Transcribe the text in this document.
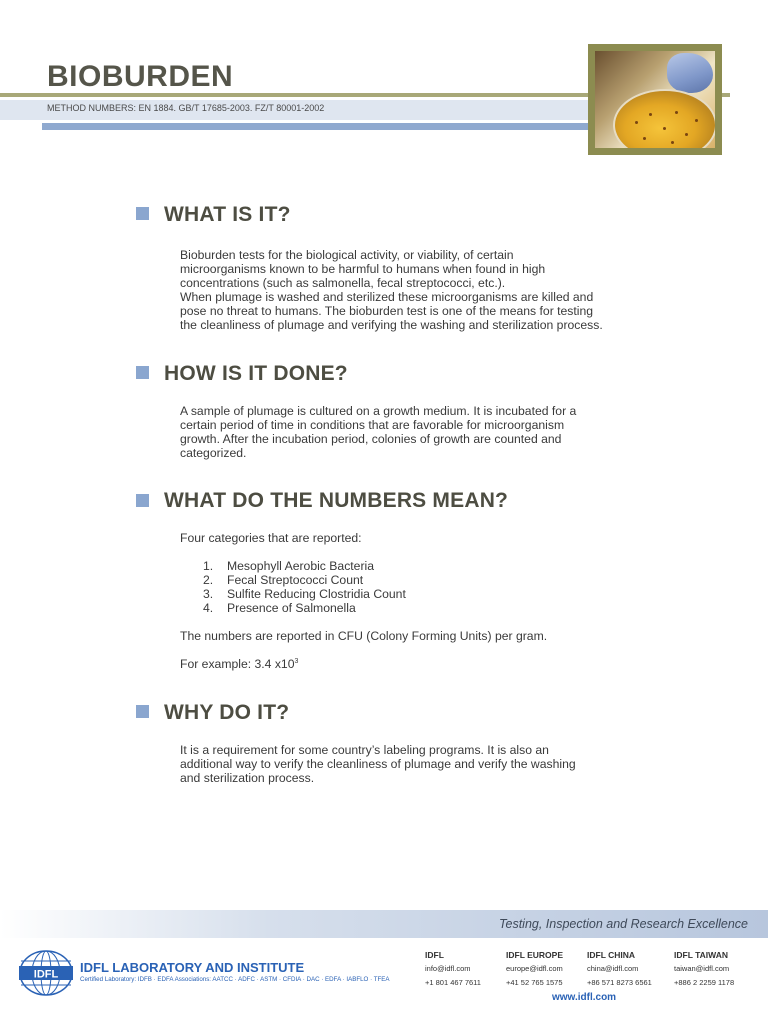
BIOBURDEN
METHOD NUMBERS: EN 1884. GB/T 17685-2003. FZ/T 80001-2002
WHAT IS IT?
Bioburden tests for the biological activity, or viability, of certain
microorganisms known to be harmful to humans when found in high
concentrations (such as salmonella, fecal streptococci, etc.).
When plumage is washed and sterilized these microorganisms are killed and
pose no threat to humans. The bioburden test is one of the means for testing
the cleanliness of plumage and verifying the washing and sterilization process.
HOW IS IT DONE?
A sample of plumage is cultured on a growth medium. It is incubated for a
certain period of time in conditions that are favorable for microorganism
growth. After the incubation period, colonies of growth are counted and
categorized.
WHAT DO THE NUMBERS MEAN?
Four categories that are reported:
1. Mesophyll Aerobic Bacteria
2. Fecal Streptococci Count
3. Sulfite Reducing Clostridia Count
4. Presence of Salmonella
The numbers are reported in CFU (Colony Forming Units) per gram.
For example: 3.4 $x10^3$
WHY DO IT?
It is a requirement for some country’s labeling programs. It is also an
additional way to verify the cleanliness of plumage and verify the washing
and sterilization process.
Testing, Inspection and Research Excellence
IDFL IDFL LABORATORY AND INSTITUTE
Certified Laboratory: IDFB · EDFA Associations: AATCC · ADFC · ASTM · CFDIA · DAC · EDFA · IABFLO · TFEA
IDFL
info@idfl.com
+1 801 467 7611
IDFL EUROPE
europe@idfl.com
+41 52 765 1575
IDFL CHINA
china@idfl.com
+86 571 8273 6561
IDFL TAIWAN
taiwan@idfl.com
+886 2 2259 1178
www.idfl.com
